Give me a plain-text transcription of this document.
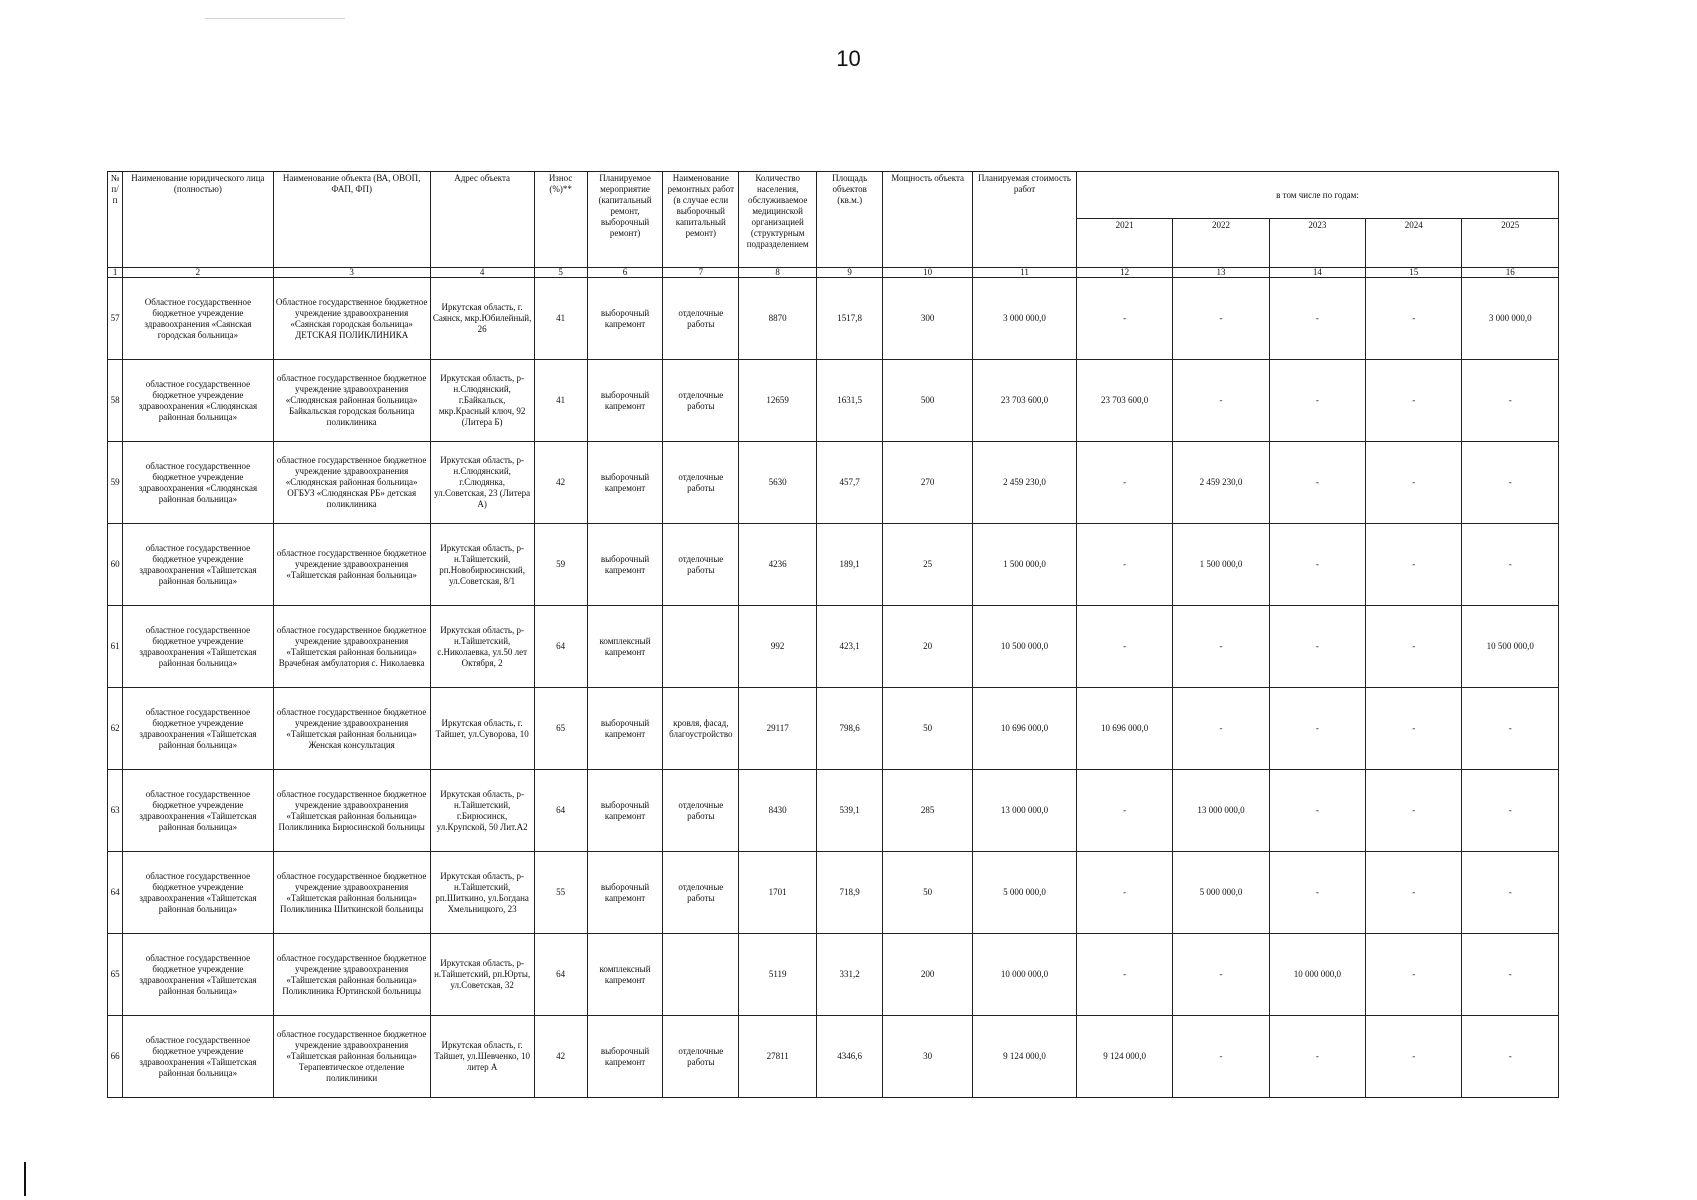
10
№ п/п	Наименование юридического лица (полностью)	Наименование объекта (ВА, ОВОП, ФАП, ФП)	Адрес объекта	Износ (%)**	Планируемое мероприятие (капитальный ремонт, выборочный ремонт)	Наименование ремонтных работ (в случае если выборочный капитальный ремонт)	Количество населения, обслуживаемое медицинской организацией (структурным подразделением	Площадь объектов (кв.м.)	Мощность объекта	Планируемая стоимость работ	в том числе по годам:				
											2021	2022	2023	2024	2025
1	2	3	4	5	6	7	8	9	10	11	12	13	14	15	16
57	Областное государственное бюджетное учреждение здравоохранения «Саянская городская больница»	Областное государственное бюджетное учреждение здравоохранения «Саянская городская больница» ДЕТСКАЯ ПОЛИКЛИНИКА	Иркутская область, г. Саянск, мкр.Юбилейный, 26	41	выборочный капремонт	отделочные работы	8870	1517,8	300	3 000 000,0	-	-	-	-	3 000 000,0
58	областное государственное бюджетное учреждение здравоохранения «Слюдянская районная больница»	областное государственное бюджетное учреждение здравоохранения «Слюдянская районная больница» Байкальская городская больница поликлиника	Иркутская область, р-н.Слюдянский, г.Байкальск, мкр.Красный ключ, 92 (Литера Б)	41	выборочный капремонт	отделочные работы	12659	1631,5	500	23 703 600,0	23 703 600,0	-	-	-	-
59	областное государственное бюджетное учреждение здравоохранения «Слюдянская районная больница»	областное государственное бюджетное учреждение здравоохранения «Слюдянская районная больница» ОГБУЗ «Слюдянская РБ» детская поликлиника	Иркутская область, р-н.Слюдянский, г.Слюдянка, ул.Советская, 23 (Литера А)	42	выборочный капремонт	отделочные работы	5630	457,7	270	2 459 230,0	-	2 459 230,0	-	-	-
60	областное государственное бюджетное учреждение здравоохранения «Тайшетская районная больница»	областное государственное бюджетное учреждение здравоохранения «Тайшетская районная больница»	Иркутская область, р-н.Тайшетский, рп.Новобирюсинский, ул.Советская, 8/1	59	выборочный капремонт	отделочные работы	4236	189,1	25	1 500 000,0	-	1 500 000,0	-	-	-
61	областное государственное бюджетное учреждение здравоохранения «Тайшетская районная больница»	областное государственное бюджетное учреждение здравоохранения «Тайшетская районная больница» Врачебная амбулатория с. Николаевка	Иркутская область, р-н.Тайшетский, с.Николаевка, ул.50 лет Октября, 2	64	комплексный капремонт		992	423,1	20	10 500 000,0	-	-	-	-	10 500 000,0
62	областное государственное бюджетное учреждение здравоохранения «Тайшетская районная больница»	областное государственное бюджетное учреждение здравоохранения «Тайшетская районная больница» Женская консультация	Иркутская область, г. Тайшет, ул.Суворова, 10	65	выборочный капремонт	кровля, фасад, благоустройство	29117	798,6	50	10 696 000,0	10 696 000,0	-	-	-	-
63	областное государственное бюджетное учреждение здравоохранения «Тайшетская районная больница»	областное государственное бюджетное учреждение здравоохранения «Тайшетская районная больница» Поликлиника Бирюсинской больницы	Иркутская область, р-н.Тайшетский, г.Бирюсинск, ул.Крупской, 50 Лит.А2	64	выборочный капремонт	отделочные работы	8430	539,1	285	13 000 000,0	-	13 000 000,0	-	-	-
64	областное государственное бюджетное учреждение здравоохранения «Тайшетская районная больница»	областное государственное бюджетное учреждение здравоохранения «Тайшетская районная больница» Поликлиника Шиткинской больницы	Иркутская область, р-н.Тайшетский, рп.Шиткино, ул.Богдана Хмельницкого, 23	55	выборочный капремонт	отделочные работы	1701	718,9	50	5 000 000,0	-	5 000 000,0	-	-	-
65	областное государственное бюджетное учреждение здравоохранения «Тайшетская районная больница»	областное государственное бюджетное учреждение здравоохранения «Тайшетская районная больница» Поликлиника Юртинской больницы	Иркутская область, р-н.Тайшетский, рп.Юрты, ул.Советская, 32	64	комплексный капремонт		5119	331,2	200	10 000 000,0	-	-	10 000 000,0	-	-
66	областное государственное бюджетное учреждение здравоохранения «Тайшетская районная больница»	областное государственное бюджетное учреждение здравоохранения «Тайшетская районная больница» Терапевтическое отделение поликлиники	Иркутская область, г. Тайшет, ул.Шевченко, 10 литер А	42	выборочный капремонт	отделочные работы	27811	4346,6	30	9 124 000,0	9 124 000,0	-	-	-	-
